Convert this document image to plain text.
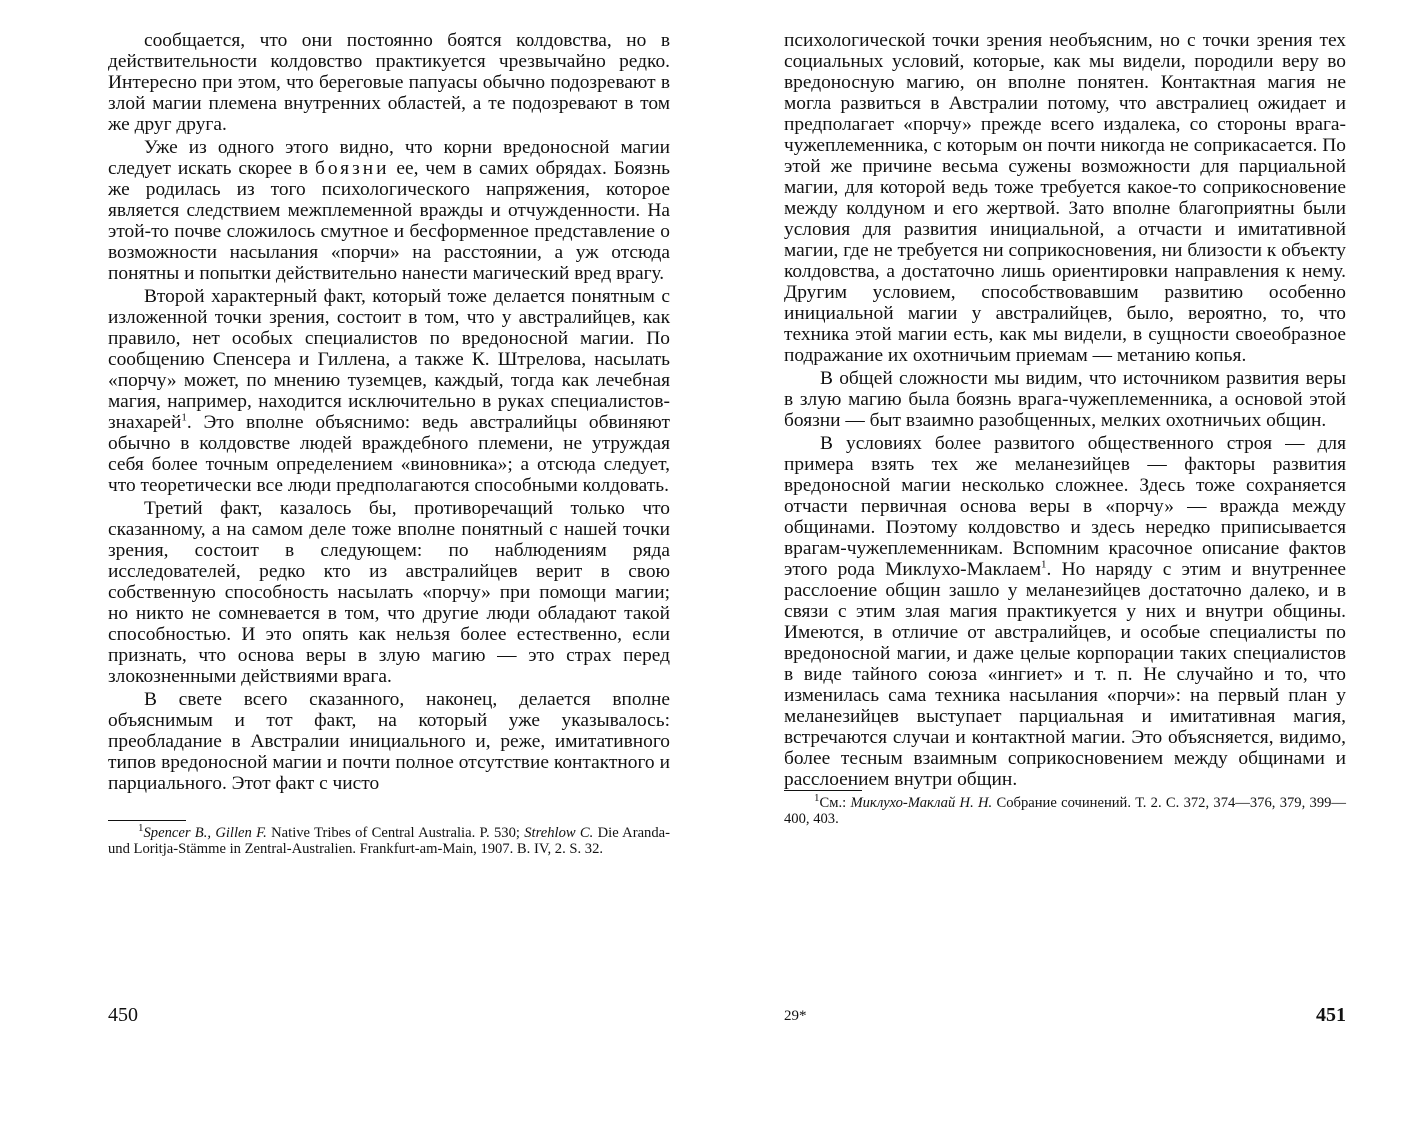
сообщается, что они постоянно боятся колдовства, но в действительности колдовство практикуется чрезвычайно редко. Интересно при этом, что береговые папуасы обычно подозревают в злой магии племена внутренних областей, а те подозревают в том же друг друга.

Уже из одного этого видно, что корни вредоносной магии следует искать скорее в боязни ее, чем в самих обрядах. Боязнь же родилась из того психологического напряжения, которое является следствием межплеменной вражды и отчужденности. На этой-то почве сложилось смутное и бесформенное представление о возможности насылания «порчи» на расстоянии, а уж отсюда понятны и попытки действительно нанести магический вред врагу.

Второй характерный факт, который тоже делается понятным с изложенной точки зрения, состоит в том, что у австралийцев, как правило, нет особых специалистов по вредоносной магии. По сообщению Спенсера и Гиллена, а также К. Штрелова, насылать «порчу» может, по мнению туземцев, каждый, тогда как лечебная магия, например, находится исключительно в руках специалистов-знахарей$^1$. Это вполне объяснимо: ведь австралийцы обвиняют обычно в колдовстве людей враждебного племени, не утруждая себя более точным определением «виновника»; а отсюда следует, что теоретически все люди предполагаются способными колдовать.

Третий факт, казалось бы, противоречащий только что сказанному, а на самом деле тоже вполне понятный с нашей точки зрения, состоит в следующем: по наблюдениям ряда исследователей, редко кто из австралийцев верит в свою собственную способность насылать «порчу» при помощи магии; но никто не сомневается в том, что другие люди обладают такой способностью. И это опять как нельзя более естественно, если признать, что основа веры в злую магию — это страх перед злокозненными действиями врага.

В свете всего сказанного, наконец, делается вполне объяснимым и тот факт, на который уже указывалось: преобладание в Австралии инициального и, реже, имитативного типов вредоносной магии и почти полное отсутствие контактного и парциального. Этот факт с чисто

$^1$Spencer B., Gillen F. Native Tribes of Central Australia. P. 530; Strehlow C. Die Aranda-und Loritja-Stämme in Zentral-Australien. Frankfurt-am-Main, 1907. B. IV, 2. S. 32.

450

психологической точки зрения необъясним, но с точки зрения тех социальных условий, которые, как мы видели, породили веру во вредоносную магию, он вполне понятен. Контактная магия не могла развиться в Австралии потому, что австралиец ожидает и предполагает «порчу» прежде всего издалека, со стороны врага-чужеплеменника, с которым он почти никогда не соприкасается. По этой же причине весьма сужены возможности для парциальной магии, для которой ведь тоже требуется какое-то соприкосновение между колдуном и его жертвой. Зато вполне благоприятны были условия для развития инициальной, а отчасти и имитативной магии, где не требуется ни соприкосновения, ни близости к объекту колдовства, а достаточно лишь ориентировки направления к нему. Другим условием, способствовавшим развитию особенно инициальной магии у австралийцев, было, вероятно, то, что техника этой магии есть, как мы видели, в сущности своеобразное подражание их охотничьим приемам — метанию копья.

В общей сложности мы видим, что источником развития веры в злую магию была боязнь врага-чужеплеменника, а основой этой боязни — быт взаимно разобщенных, мелких охотничьих общин.

В условиях более развитого общественного строя — для примера взять тех же меланезийцев — факторы развития вредоносной магии несколько сложнее. Здесь тоже сохраняется отчасти первичная основа веры в «порчу» — вражда между общинами. Поэтому колдовство и здесь нередко приписывается врагам-чужеплеменникам. Вспомним красочное описание фактов этого рода Миклухо-Маклаем$^1$. Но наряду с этим и внутреннее расслоение общин зашло у меланезийцев достаточно далеко, и в связи с этим злая магия практикуется у них и внутри общины. Имеются, в отличие от австралийцев, и особые специалисты по вредоносной магии, и даже целые корпорации таких специалистов в виде тайного союза «ингиет» и т. п. Не случайно и то, что изменилась сама техника насылания «порчи»: на первый план у меланезийцев выступает парциальная и имитативная магия, встречаются случаи и контактной магии. Это объясняется, видимо, более тесным взаимным соприкосновением между общинами и расслоением внутри общин.

$^1$См.: Миклухо-Маклай Н. Н. Собрание сочинений. Т. 2. С. 372, 374—376, 379, 399—400, 403.

29*	451
